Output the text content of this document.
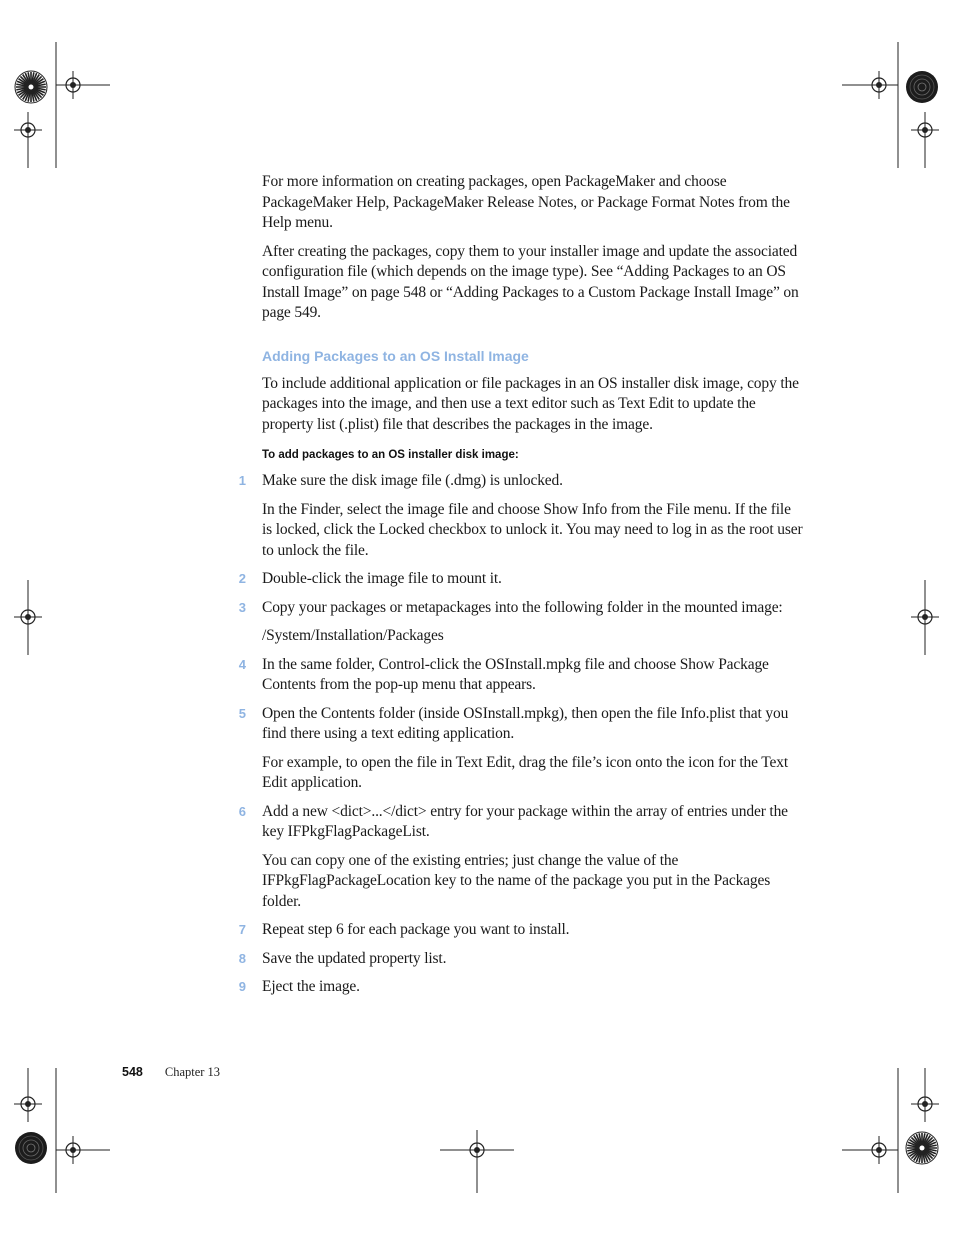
For more information on creating packages, open PackageMaker and choose PackageMaker Help, PackageMaker Release Notes, or Package Format Notes from the Help menu.

After creating the packages, copy them to your installer image and update the associated configuration file (which depends on the image type). See “Adding Packages to an OS Install Image” on page 548 or “Adding Packages to a Custom Package Install Image” on page 549.

Adding Packages to an OS Install Image

To include additional application or file packages in an OS installer disk image, copy the packages into the image, and then use a text editor such as Text Edit to update the property list (.plist) file that describes the packages in the image.

To add packages to an OS installer disk image:
1 Make sure the disk image file (.dmg) is unlocked.

In the Finder, select the image file and choose Show Info from the File menu. If the file is locked, click the Locked checkbox to unlock it. You may need to log in as the root user to unlock the file.

2 Double-click the image file to mount it.

3 Copy your packages or metapackages into the following folder in the mounted image:

/System/Installation/Packages

4 In the same folder, Control-click the OSInstall.mpkg file and choose Show Package Contents from the pop-up menu that appears.

5 Open the Contents folder (inside OSInstall.mpkg), then open the file Info.plist that you find there using a text editing application.

For example, to open the file in Text Edit, drag the file’s icon onto the icon for the Text Edit application.

6 Add a new <dict>...</dict> entry for your package within the array of entries under the key IFPkgFlagPackageList.

You can copy one of the existing entries; just change the value of the IFPkgFlagPackageLocation key to the name of the package you put in the Packages folder.

7 Repeat step 6 for each package you want to install.

8 Save the updated property list.

9 Eject the image.

548 Chapter 13
